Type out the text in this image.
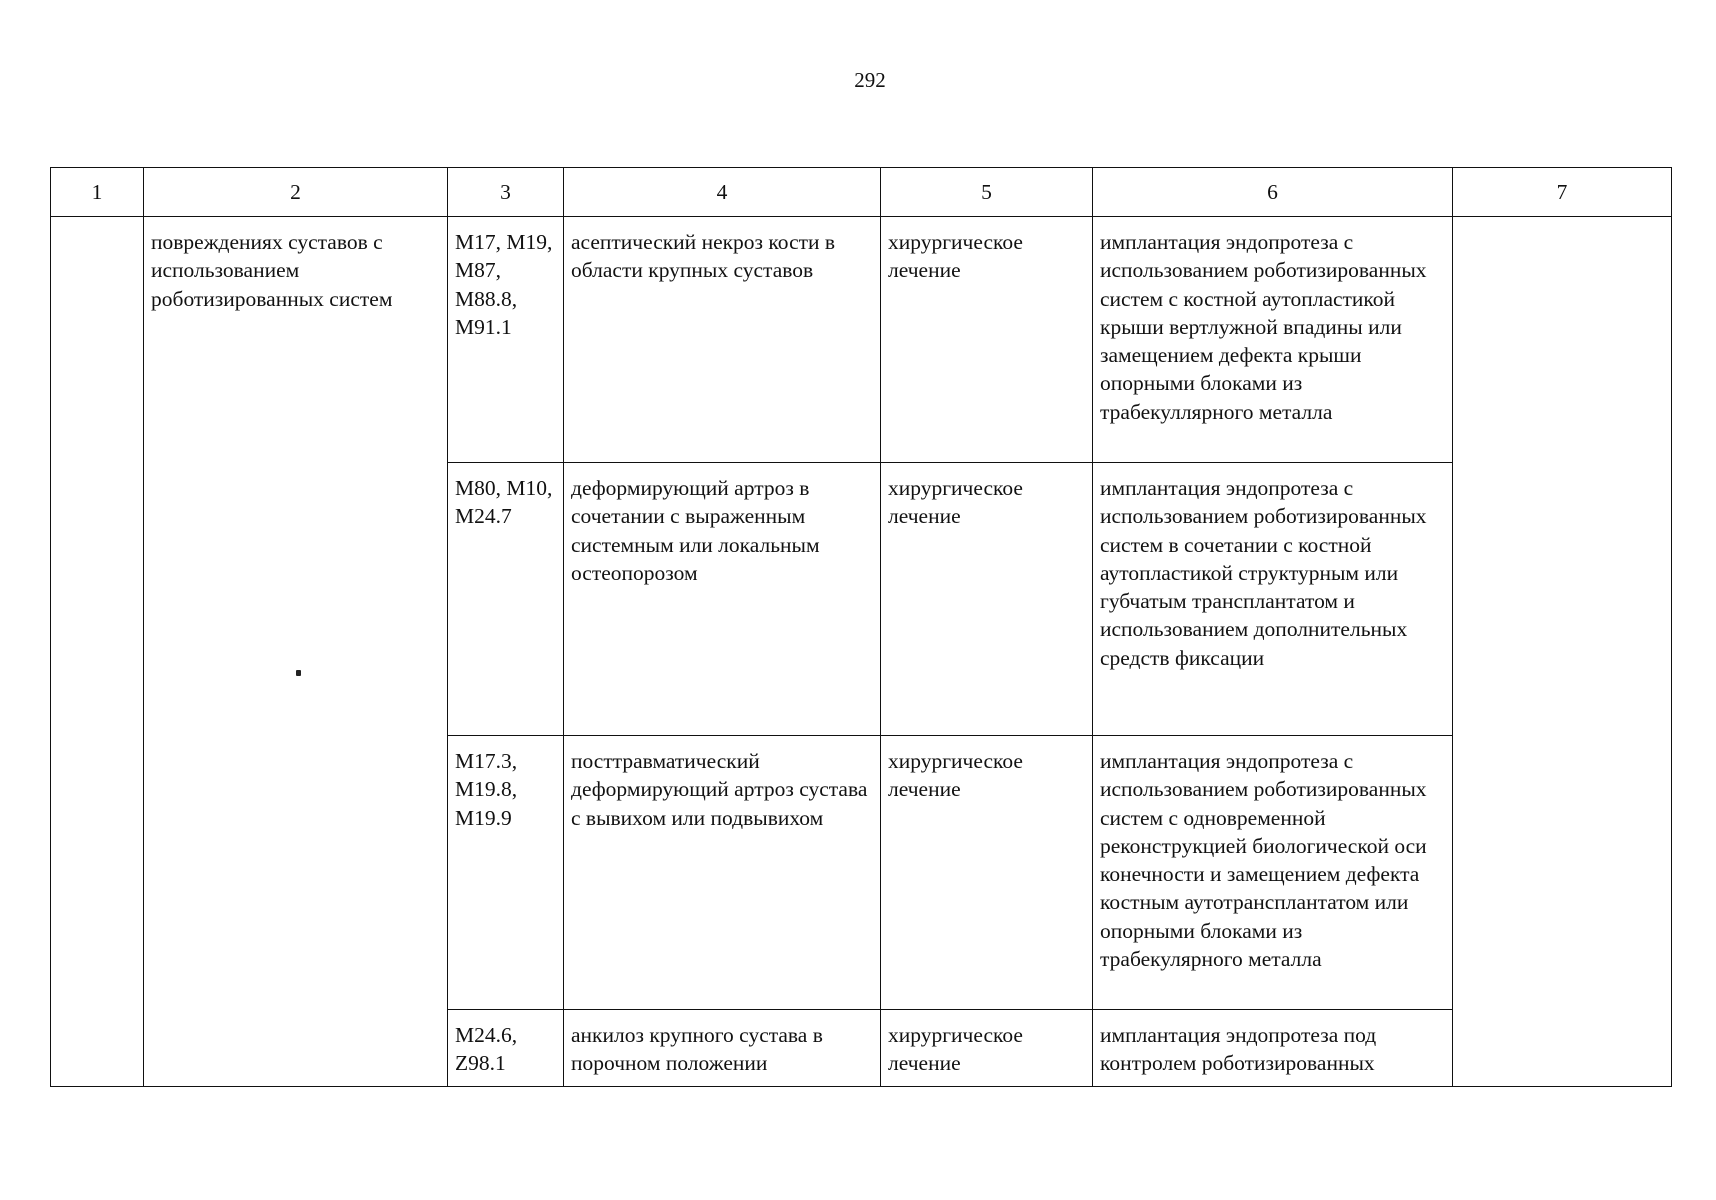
292
1	2	3	4	5	6	7

	повреждениях суставов с использованием роботизированных систем	M17, M19, M87, M88.8, M91.1	асептический некроз кости в области крупных суставов	хирургическое лечение	имплантация эндопротеза с использованием роботизированных систем с костной аутопластикой крыши вертлужной впадины или замещением дефекта крыши опорными блоками из трабекуллярного металла	

		M80, M10, M24.7	деформирующий артроз в сочетании с выраженным системным или локальным остеопорозом	хирургическое лечение	имплантация эндопротеза с использованием роботизированных систем в сочетании с костной аутопластикой структурным или губчатым трансплантатом и использованием дополнительных средств фиксации	

		M17.3, M19.8, M19.9	посттравматический деформирующий артроз сустава с вывихом или подвывихом	хирургическое лечение	имплантация эндопротеза с использованием роботизированных систем с одновременной реконструкцией биологической оси конечности и замещением дефекта костным аутотрансплантатом или опорными блоками из трабекулярного металла	

		M24.6, Z98.1	анкилоз крупного сустава в порочном положении	хирургическое лечение	имплантация эндопротеза под контролем роботизированных	
